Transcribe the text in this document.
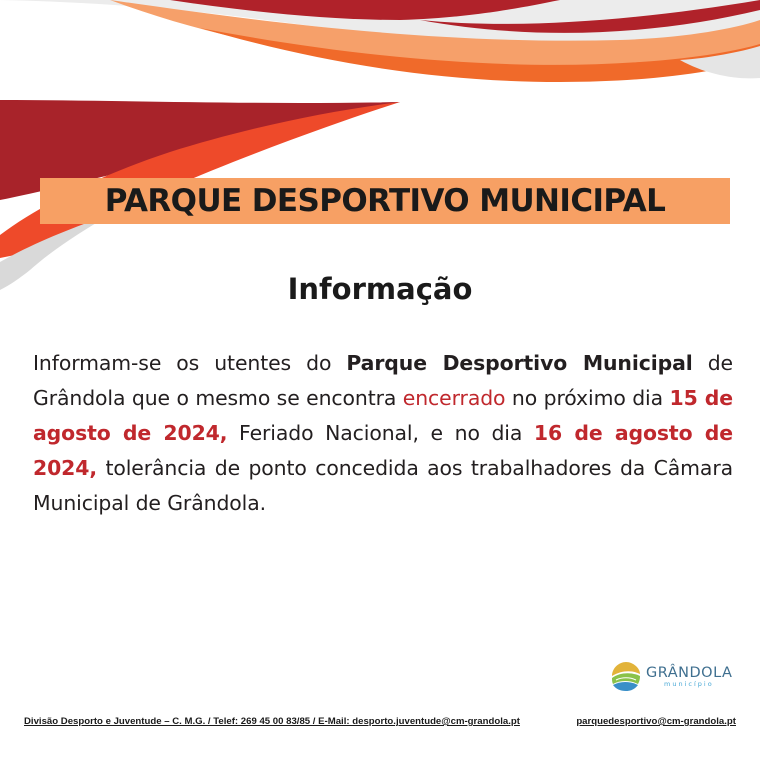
PARQUE DESPORTIVO MUNICIPAL
Informação
Informam-se os utentes do Parque Desportivo Municipal de Grândola que o mesmo se encontra encerrado no próximo dia 15 de agosto de 2024, Feriado Nacional, e no dia 16 de agosto de 2024, tolerância de ponto concedida aos trabalhadores da Câmara Municipal de Grândola.
GRÂNDOLA
município
Divisão Desporto e Juventude – C. M.G. / Telef: 269 45 00 83/85 / E-Mail: desporto.juventude@cm-grandola.pt	parquedesportivo@cm-grandola.pt
